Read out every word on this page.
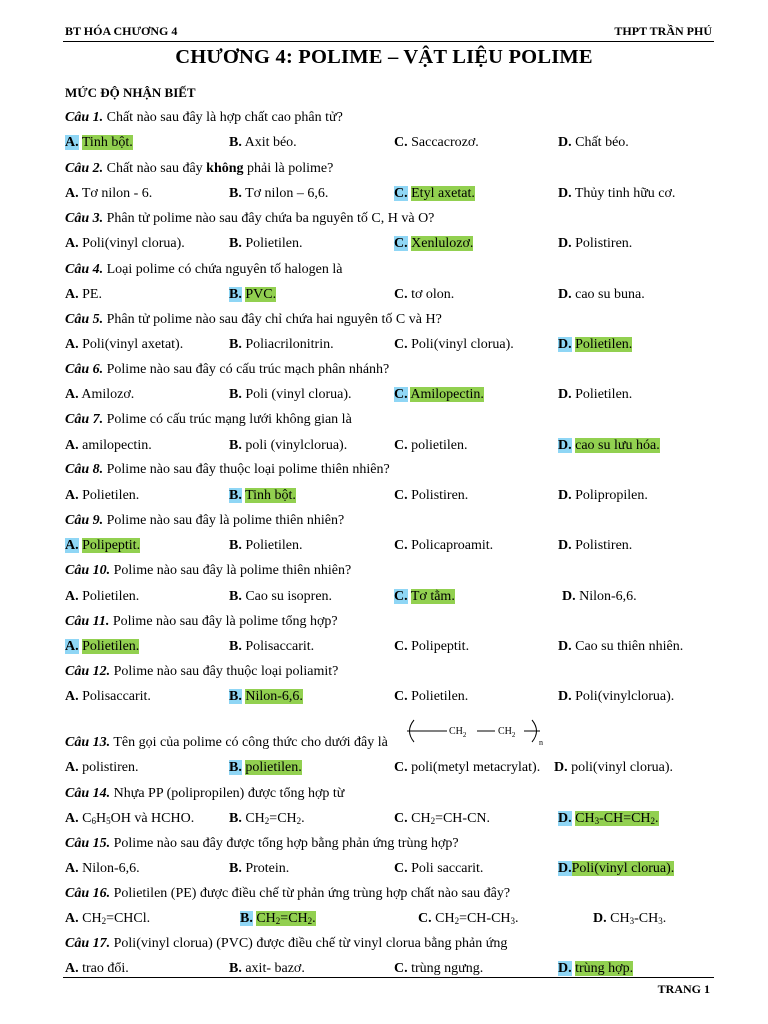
BT HÓA CHƯƠNG 4	THPT TRẦN PHÚ
CHƯƠNG 4: POLIME – VẬT LIỆU POLIME
MỨC ĐỘ NHẬN BIẾT
Câu 1. Chất nào sau đây là hợp chất cao phân tử?
A. Tinh bột.	B. Axit béo.	C. Saccacrozơ.	D. Chất béo.
Câu 2. Chất nào sau đây không phải là polime?
A. Tơ nilon - 6.	B. Tơ nilon – 6,6.	C. Etyl axetat.	D. Thủy tinh hữu cơ.
Câu 3. Phân tử polime nào sau đây chứa ba nguyên tố C, H và O?
A. Poli(vinyl clorua).	B. Polietilen.	C. Xenlulozơ.	D. Polistiren.
Câu 4. Loại polime có chứa nguyên tố halogen là
A. PE.	B. PVC.	C. tơ olon.	D. cao su buna.
Câu 5. Phân tử polime nào sau đây chỉ chứa hai nguyên tố C và H?
A. Poli(vinyl axetat).	B. Poliacrilonitrin.	C. Poli(vinyl clorua).	D. Polietilen.
Câu 6. Polime nào sau đây có cấu trúc mạch phân nhánh?
A. Amilozơ.	B. Poli (vinyl clorua).	C. Amilopectin.	D. Polietilen.
Câu 7. Polime có cấu trúc mạng lưới không gian là
A. amilopectin.	B. poli (vinylclorua).	C. polietilen.	D. cao su lưu hóa.
Câu 8. Polime nào sau đây thuộc loại polime thiên nhiên?
A. Polietilen.	B. Tinh bột.	C. Polistiren.	D. Polipropilen.
Câu 9. Polime nào sau đây là polime thiên nhiên?
A. Polipeptit.	B. Polietilen.	C. Policaproamit.	D. Polistiren.
Câu 10. Polime nào sau đây là polime thiên nhiên?
A. Polietilen.	B. Cao su isopren.	C. Tơ tằm.	D. Nilon-6,6.
Câu 11. Polime nào sau đây là polime tổng hợp?
A. Polietilen.	B. Polisaccarit.	C. Polipeptit.	D. Cao su thiên nhiên.
Câu 12. Polime nào sau đây thuộc loại poliamit?
A. Polisaccarit.	B. Nilon-6,6.	C. Polietilen.	D. Poli(vinylclorua).
Câu 13. Tên gọi của polime có công thức cho dưới đây là
$CH_2$	$CH_2$
n
A. polistiren.	B. polietilen.	C. poli(metyl metacrylat). D. poli(vinyl clorua).
Câu 14. Nhựa PP (polipropilen) được tổng hợp từ
A. $C_6H_5OH$ và HCHO. B. $CH_2=CH_2$.	C. $CH_2=CH-CN$.	D. $CH_3-CH=CH_2$.
Câu 15. Polime nào sau đây được tổng hợp bằng phản ứng trùng hợp?
A. Nilon-6,6.	B. Protein.	C. Poli saccarit.	D.Poli(vinyl clorua).
Câu 16. Polietilen (PE) được điều chế từ phản ứng trùng hợp chất nào sau đây?
A. $CH_2=CHCl$.	B. $CH_2=CH_2$.	C. $CH_2=CH-CH_3$.	D. $CH_3-CH_3$.
Câu 17. Poli(vinyl clorua) (PVC) được điều chế từ vinyl clorua bằng phản ứng
A. trao đổi.	B. axit- bazơ.	C. trùng ngưng.	D. trùng hợp.
TRANG 1
